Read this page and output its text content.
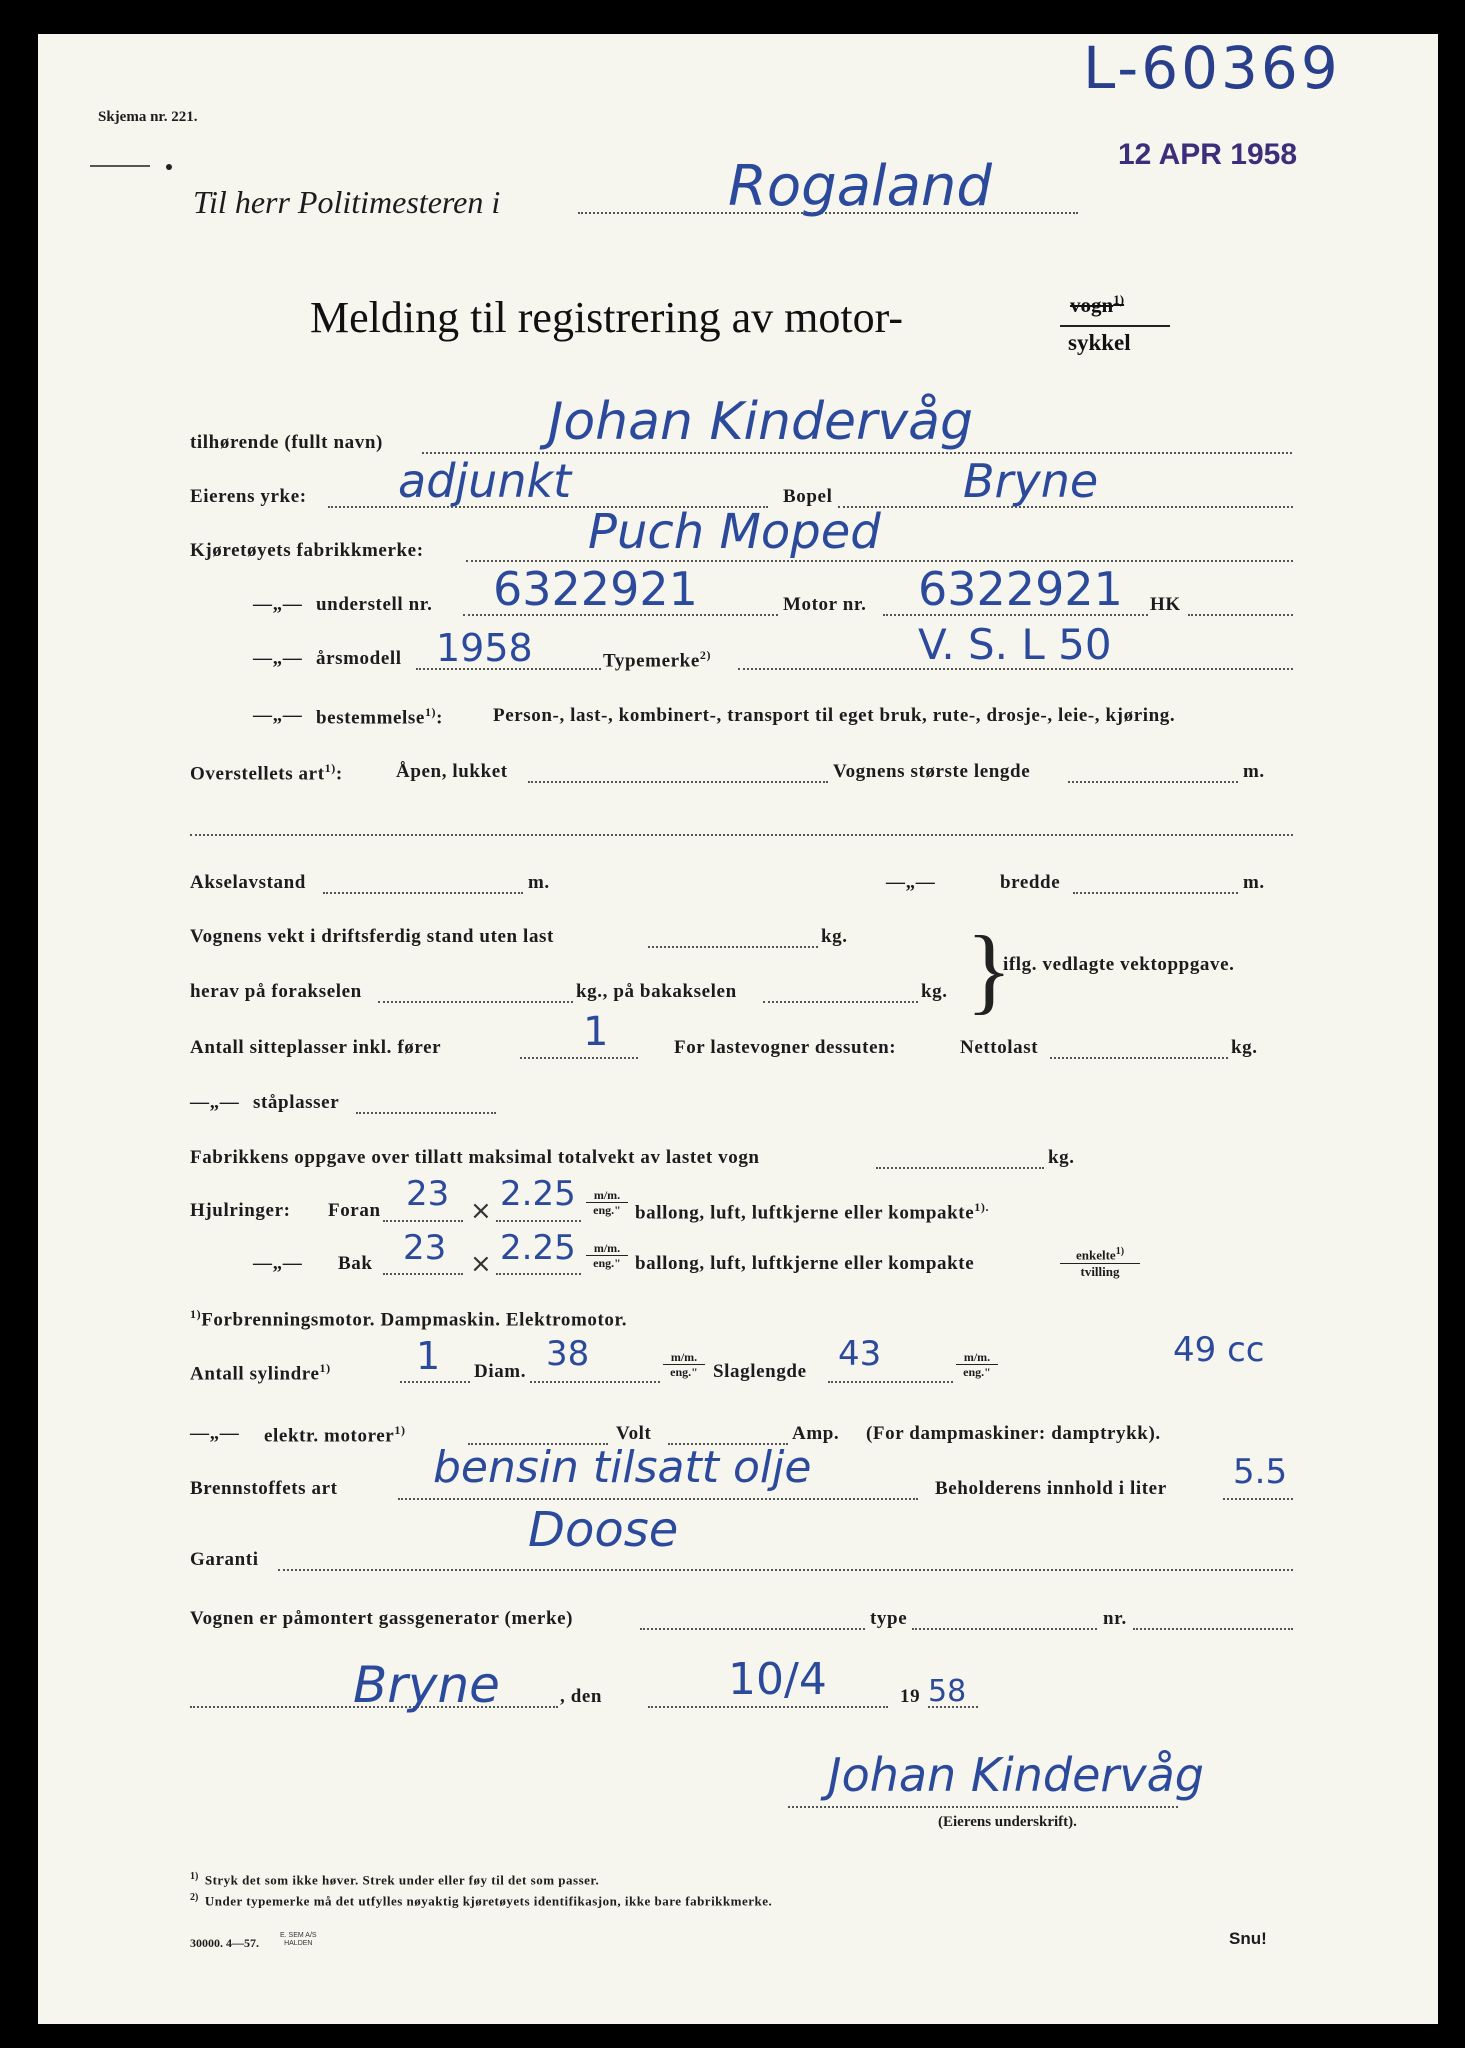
Skjema nr. 221.
L-60369
12 APR 1958
Til herr Politimesteren i	Rogaland
Melding til registrering av motor-	vogn$^{1)}$
sykkel
tilhørende (fullt navn)	Johan Kindervåg
Eierens yrke: adjunkt	Bopel	Bryne
Kjøretøyets fabrikkmerke:	Puch Moped
—„— understell nr. 6322921	Motor nr. 6322921 HK
—„— årsmodell 1958	Typemerke$^{2)}$	V. S. L 50
—„— bestemmelse$^{1)}$:	Person-, last-, kombinert-, transport til eget bruk, rute-, drosje-, leie-, kjøring.
Overstellets art$^{1)}$:	Åpen, lukket	Vognens største lengde	m.
Akselavstand	m.	—„—	bredde	m.
Vognens vekt i driftsferdig stand uten last	kg.
herav på forakselen	kg., på bakakselen	kg. }
iflg. vedlagte vektoppgave.
Antall sitteplasser inkl. fører	1	For lastevogner dessuten:	Nettolast	kg.
—„— ståplasser
Fabrikkens oppgave over tillatt maksimal totalvekt av lastet vogn	kg.
Hjulringer: Foran 23 × 2.25	m/m.
eng." ballong, luft, luftkjerne eller kompakte$^{1).}$
—„— Bak 23 × 2.25	m/m.
eng." ballong, luft, luftkjerne eller kompakte	enkelte$^{1)}$
tvilling
$^{1)}$Forbrenningsmotor. Dampmaskin. Elektromotor.
Antall sylindre$^{1)}$ 1 Diam. 38	m/m.
eng." Slaglengde 43	m/m.
eng."
49 cc
—„— elektr. motorer$^{1)}$	Volt	Amp. (For dampmaskiner: damptrykk).
Brennstoffets art bensin tilsatt olje	Beholderens innhold i liter 5.5
Garanti
Doose
Vognen er påmontert gassgenerator (merke)	type	nr.
Bryne	, den	10/4	19 58
Johan Kindervåg
(Eierens underskrift).
$^{1)}$ Stryk det som ikke høver. Strek under eller føy til det som passer.
$^{2)}$ Under typemerke må det utfylles nøyaktig kjøretøyets identifikasjon, ikke bare fabrikkmerke.
30000. 4—57.
E. SEM A/S
HALDEN	Snu!
